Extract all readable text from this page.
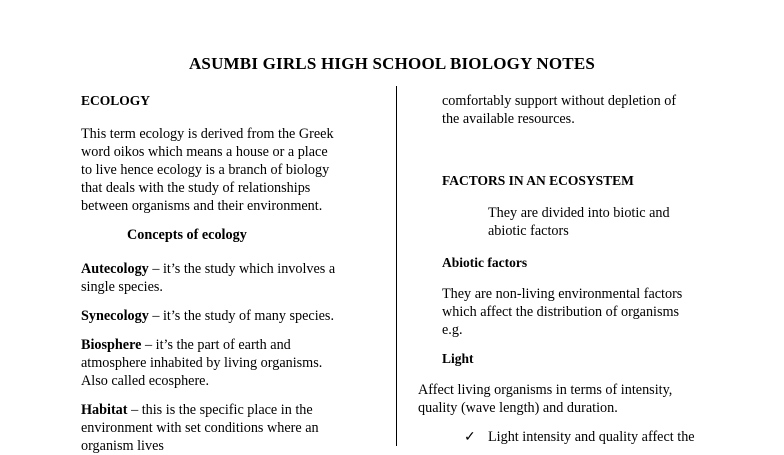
ASUMBI GIRLS HIGH SCHOOL BIOLOGY NOTES

ECOLOGY

This term ecology is derived from the Greek
word oikos which means a house or a place
to live hence ecology is a branch of biology
that deals with the study of relationships
between organisms and their environment.

Concepts of ecology

Autecology – it’s the study which involves a
single species.

Synecology – it’s the study of many species.

Biosphere – it’s the part of earth and
atmosphere inhabited by living organisms.
Also called ecosphere.

Habitat – this is the specific place in the
environment with set conditions where an
organism lives

comfortably support without depletion of
the available resources.

FACTORS IN AN ECOSYSTEM

They are divided into biotic and
abiotic factors

Abiotic factors

They are non-living environmental factors
which affect the distribution of organisms
e.g.

Light

Affect living organisms in terms of intensity,
quality (wave length) and duration.

✓ Light intensity and quality affect the
